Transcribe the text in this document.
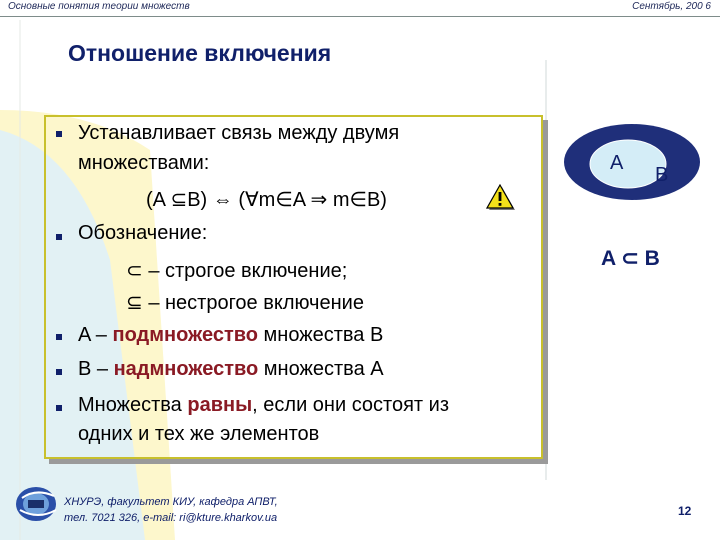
Основные понятия теории множеств	Сентябрь, 200 6
Отношение включения
Устанавливает связь между двумя
множествами:
(A ⊆B) ⇔ (∀m∈A ⇒ m∈B)
Обозначение:
⊂ – строгое включение;
⊆ – нестрогое включение
A – подмножество множества B
B – надмножество множества A
Множества равны, если они состоят из
одних и тех же элементов
A
B
A ⊂ B
ХНУРЭ, факультет КИУ, кафедра АПВТ,
тел. 7021 326, e-mail: ri@kture.kharkov.ua	12
